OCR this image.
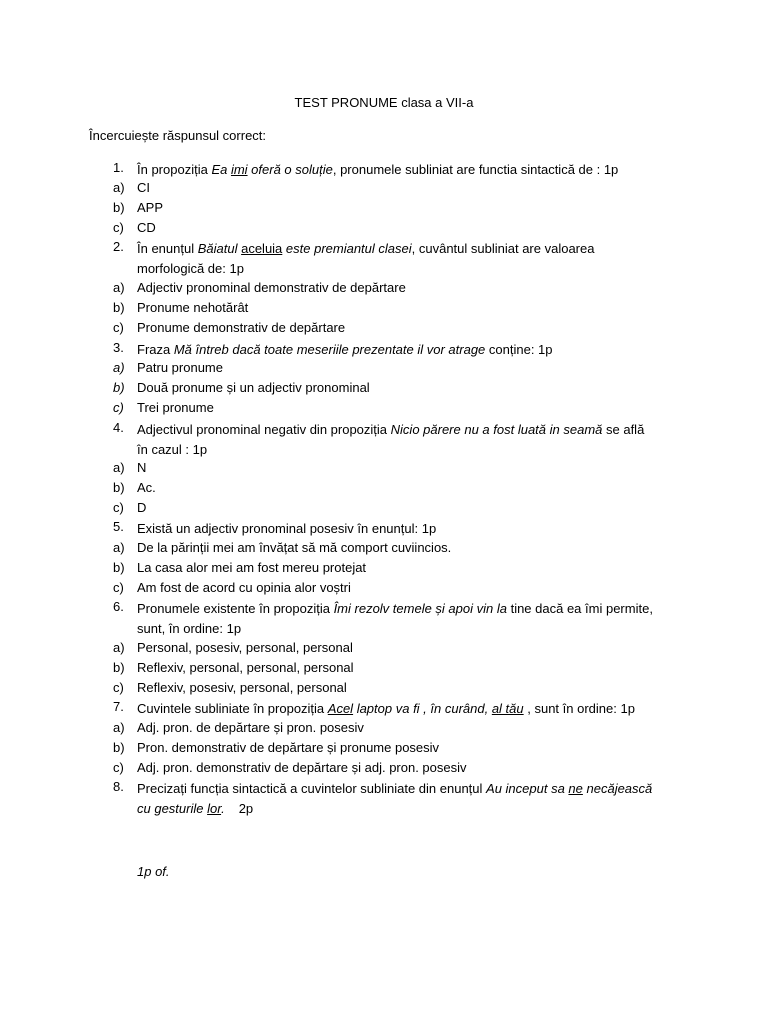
TEST PRONUME clasa a VII-a
Încercuiește răspunsul correct:
1. În propoziția Ea imi oferă o soluție, pronumele subliniat are functia sintactică de : 1p
a) CI
b) APP
c) CD
2. În enunțul Băiatul aceluia este premiantul clasei, cuvântul subliniat are valoarea morfologică de: 1p
a) Adjectiv pronominal demonstrativ de depărtare
b) Pronume nehotărât
c) Pronume demonstrativ de depărtare
3. Fraza Mă întreb dacă toate meseriile prezentate il vor atrage conține: 1p
a) Patru pronume
b) Două pronume și un adjectiv pronominal
c) Trei pronume
4. Adjectivul pronominal negativ din propoziția Nicio părere nu a fost luată in seamă se află în cazul : 1p
a) N
b) Ac.
c) D
5. Există un adjectiv pronominal posesiv în enunțul: 1p
a) De la părinții mei am învățat să mă comport cuviincios.
b) La casa alor mei am fost mereu protejat
c) Am fost de acord cu opinia alor voștri
6. Pronumele existente în propoziția Îmi rezolv temele și apoi vin la tine dacă ea îmi permite, sunt, în ordine: 1p
a) Personal, posesiv, personal, personal
b) Reflexiv, personal, personal, personal
c) Reflexiv, posesiv, personal, personal
7. Cuvintele subliniate în propoziția Acel laptop va fi , în curând, al tău , sunt în ordine: 1p
a) Adj. pron. de depărtare și pron. posesiv
b) Pron. demonstrativ de depărtare și pronume posesiv
c) Adj. pron. demonstrativ de depărtare și adj. pron. posesiv
8. Precizați funcția sintactică a cuvintelor subliniate din enunțul Au inceput sa ne necăjească cu gesturile lor. 2p
1p of.
